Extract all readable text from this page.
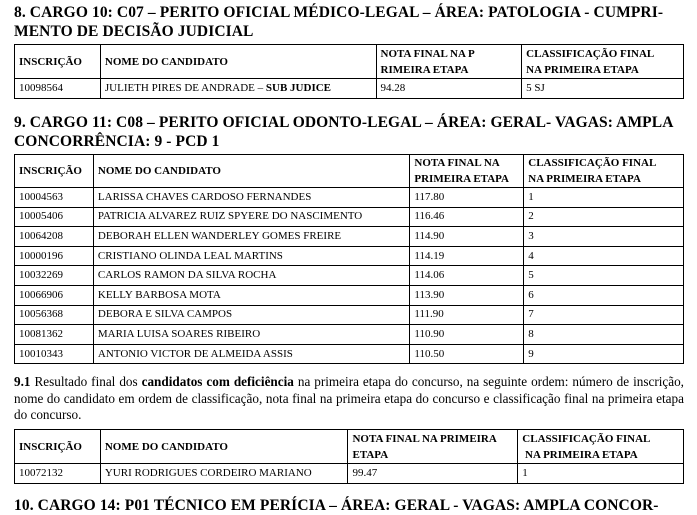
8. CARGO 10: C07 – PERITO OFICIAL MÉDICO-LEGAL – ÁREA: PATOLOGIA - CUMPRI-
MENTO DE DECISÃO JUDICIAL
INSCRIÇÃO	NOME DO CANDIDATO	NOTA FINAL NA P
RIMEIRA ETAPA	CLASSIFICAÇÃO FINAL
NA PRIMEIRA ETAPA

10098564	JULIETH PIRES DE ANDRADE – SUB JUDICE	94.28	5 SJ
9. CARGO 11: C08 – PERITO OFICIAL ODONTO-LEGAL – ÁREA: GERAL- VAGAS: AMPLA
CONCORRÊNCIA: 9 - PCD 1
INSCRIÇÃO	NOME DO CANDIDATO	NOTA FINAL NA
PRIMEIRA ETAPA	CLASSIFICAÇÃO FINAL
NA PRIMEIRA ETAPA

10004563	LARISSA CHAVES CARDOSO FERNANDES	117.80	1
10005406	PATRICIA ALVAREZ RUIZ SPYERE DO NASCIMENTO	116.46	2
10064208	DEBORAH ELLEN WANDERLEY GOMES FREIRE	114.90	3
10000196	CRISTIANO OLINDA LEAL MARTINS	114.19	4
10032269	CARLOS RAMON DA SILVA ROCHA	114.06	5
10066906	KELLY BARBOSA MOTA	113.90	6
10056368	DEBORA E SILVA CAMPOS	111.90	7
10081362	MARIA LUISA SOARES RIBEIRO	110.90	8
10010343	ANTONIO VICTOR DE ALMEIDA ASSIS	110.50	9
9.1 Resultado final dos candidatos com deficiência na primeira etapa do concurso, na seguinte ordem: número de inscrição, nome do candidato em ordem de classificação, nota final na primeira etapa do concurso e classificação final na primeira etapa do concurso.
INSCRIÇÃO	NOME DO CANDIDATO	NOTA FINAL NA PRIMEIRA
ETAPA	CLASSIFICAÇÃO FINAL
NA PRIMEIRA ETAPA

10072132	YURI RODRIGUES CORDEIRO MARIANO	99.47	1
10. CARGO 14: P01 TÉCNICO EM PERÍCIA – ÁREA: GERAL - VAGAS: AMPLA CONCOR-
